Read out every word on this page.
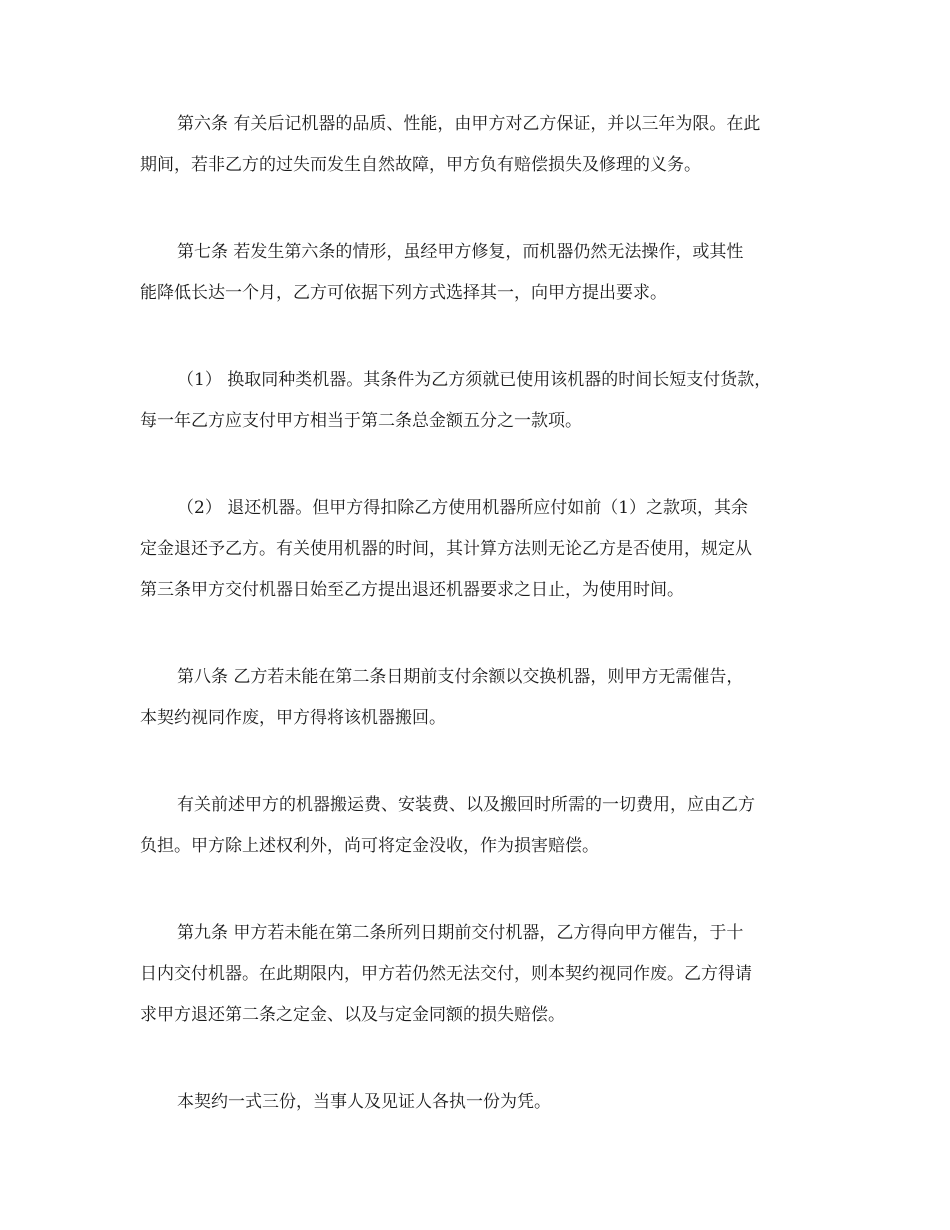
第六条 有关后记机器的品质、性能，由甲方对乙方保证，并以三年为限。在此

期间，若非乙方的过失而发生自然故障，甲方负有赔偿损失及修理的义务。

第七条 若发生第六条的情形，虽经甲方修复，而机器仍然无法操作，或其性

能降低长达一个月，乙方可依据下列方式选择其一，向甲方提出要求。

（1） 换取同种类机器。其条件为乙方须就已使用该机器的时间长短支付货款，

每一年乙方应支付甲方相当于第二条总金额五分之一款项。

（2） 退还机器。但甲方得扣除乙方使用机器所应付如前（1）之款项，其余

定金退还予乙方。有关使用机器的时间，其计算方法则无论乙方是否使用，规定从

第三条甲方交付机器日始至乙方提出退还机器要求之日止，为使用时间。

第八条 乙方若未能在第二条日期前支付余额以交换机器，则甲方无需催告，

本契约视同作废，甲方得将该机器搬回。

有关前述甲方的机器搬运费、安装费、以及搬回时所需的一切费用，应由乙方

负担。甲方除上述权利外，尚可将定金没收，作为损害赔偿。

第九条 甲方若未能在第二条所列日期前交付机器，乙方得向甲方催告，于十

日内交付机器。在此期限内，甲方若仍然无法交付，则本契约视同作废。乙方得请

求甲方退还第二条之定金、以及与定金同额的损失赔偿。

本契约一式三份，当事人及见证人各执一份为凭。
